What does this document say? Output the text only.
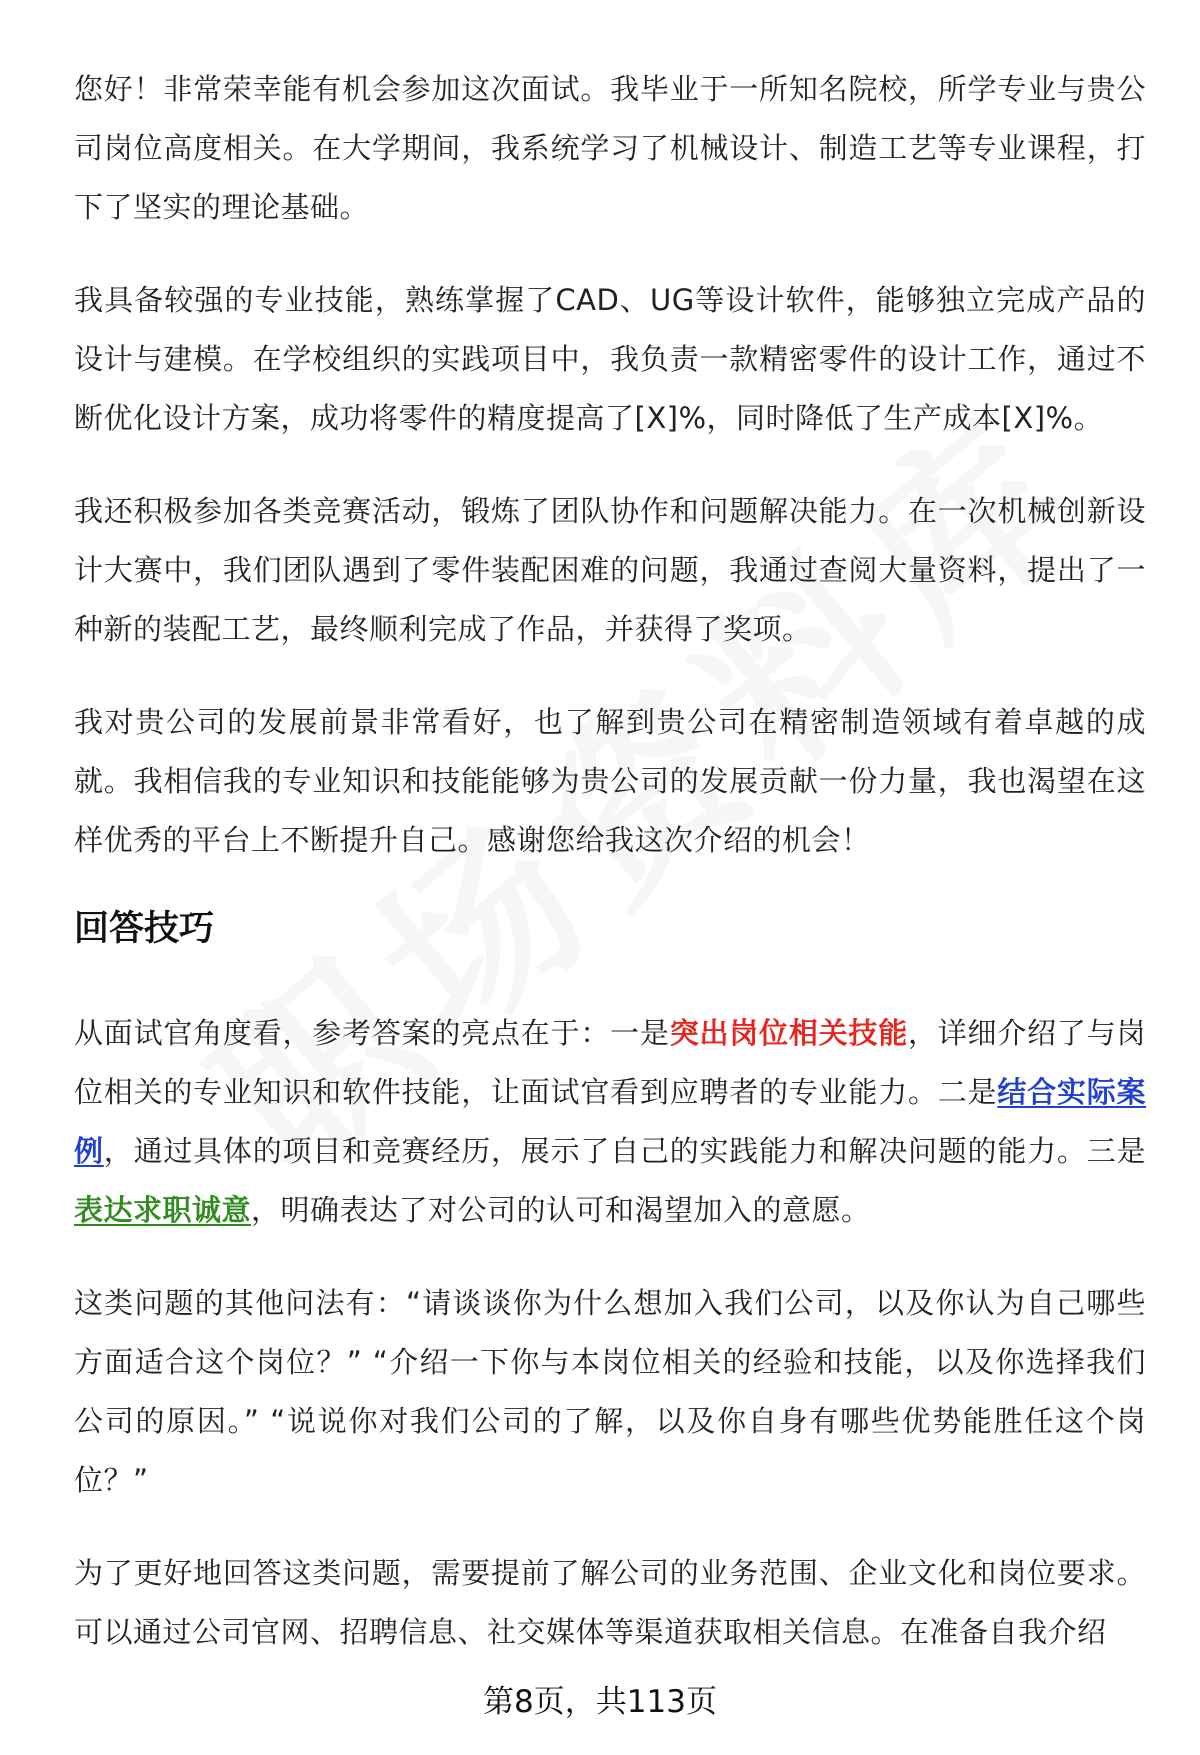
您好！非常荣幸能有机会参加这次面试。我毕业于一所知名院校，所学专业与贵公司岗位高度相关。在大学期间，我系统学习了机械设计、制造工艺等专业课程，打下了坚实的理论基础。

我具备较强的专业技能，熟练掌握了CAD、UG等设计软件，能够独立完成产品的设计与建模。在学校组织的实践项目中，我负责一款精密零件的设计工作，通过不断优化设计方案，成功将零件的精度提高了[X]%，同时降低了生产成本[X]%。

我还积极参加各类竞赛活动，锻炼了团队协作和问题解决能力。在一次机械创新设计大赛中，我们团队遇到了零件装配困难的问题，我通过查阅大量资料，提出了一种新的装配工艺，最终顺利完成了作品，并获得了奖项。

我对贵公司的发展前景非常看好，也了解到贵公司在精密制造领域有着卓越的成就。我相信我的专业知识和技能能够为贵公司的发展贡献一份力量，我也渴望在这样优秀的平台上不断提升自己。感谢您给我这次介绍的机会！

回答技巧

从面试官角度看，参考答案的亮点在于：一是突出岗位相关技能，详细介绍了与岗位相关的专业知识和软件技能，让面试官看到应聘者的专业能力。二是结合实际案例，通过具体的项目和竞赛经历，展示了自己的实践能力和解决问题的能力。三是表达求职诚意，明确表达了对公司的认可和渴望加入的意愿。

这类问题的其他问法有：“请谈谈你为什么想加入我们公司，以及你认为自己哪些方面适合这个岗位？” “介绍一下你与本岗位相关的经验和技能，以及你选择我们公司的原因。” “说说你对我们公司的了解，以及你自身有哪些优势能胜任这个岗位？”

为了更好地回答这类问题，需要提前了解公司的业务范围、企业文化和岗位要求。可以通过公司官网、招聘信息、社交媒体等渠道获取相关信息。在准备自我介绍

第8页，共113页
